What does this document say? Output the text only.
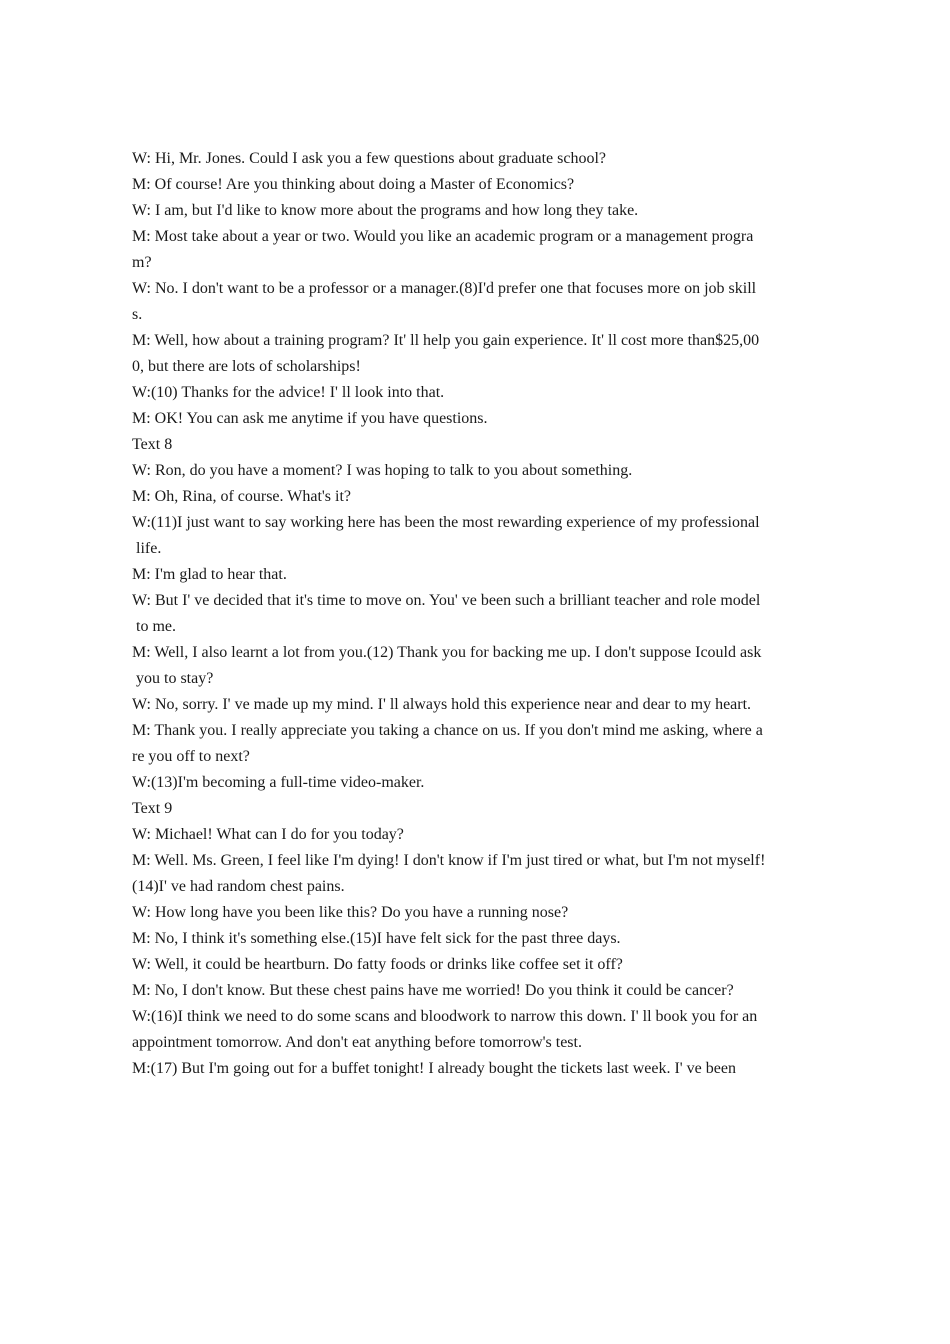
W: Hi, Mr. Jones. Could I ask you a few questions about graduate school?

M: Of course! Are you thinking about doing a Master of Economics?

W: I am, but I'd like to know more about the programs and how long they take.

M: Most take about a year or two. Would you like an academic program or a management progra

m?

W: No. I don't want to be a professor or a manager.(8)I'd prefer one that focuses more on job skill

s.

M: Well, how about a training program? It' ll help you gain experience. It' ll cost more than$25,00

0, but there are lots of scholarships!

W:(10) Thanks for the advice! I' ll look into that.

M: OK! You can ask me anytime if you have questions.

Text 8

W: Ron, do you have a moment? I was hoping to talk to you about something.

M: Oh, Rina, of course. What's it?

W:(11)I just want to say working here has been the most rewarding experience of my professional

life.

M: I'm glad to hear that.

W: But I' ve decided that it's time to move on. You' ve been such a brilliant teacher and role model

to me.

M: Well, I also learnt a lot from you.(12) Thank you for backing me up. I don't suppose Icould ask

you to stay?

W: No, sorry. I' ve made up my mind. I' ll always hold this experience near and dear to my heart.

M: Thank you. I really appreciate you taking a chance on us. If you don't mind me asking, where a

re you off to next?

W:(13)I'm becoming a full-time video-maker.

Text 9

W: Michael! What can I do for you today?

M: Well. Ms. Green, I feel like I'm dying! I don't know if I'm just tired or what, but I'm not myself!

(14)I' ve had random chest pains.

W: How long have you been like this? Do you have a running nose?

M: No, I think it's something else.(15)I have felt sick for the past three days.

W: Well, it could be heartburn. Do fatty foods or drinks like coffee set it off?

M: No, I don't know. But these chest pains have me worried! Do you think it could be cancer?

W:(16)I think we need to do some scans and bloodwork to narrow this down. I' ll book you for an

appointment tomorrow. And don't eat anything before tomorrow's test.

M:(17) But I'm going out for a buffet tonight! I already bought the tickets last week. I' ve been
